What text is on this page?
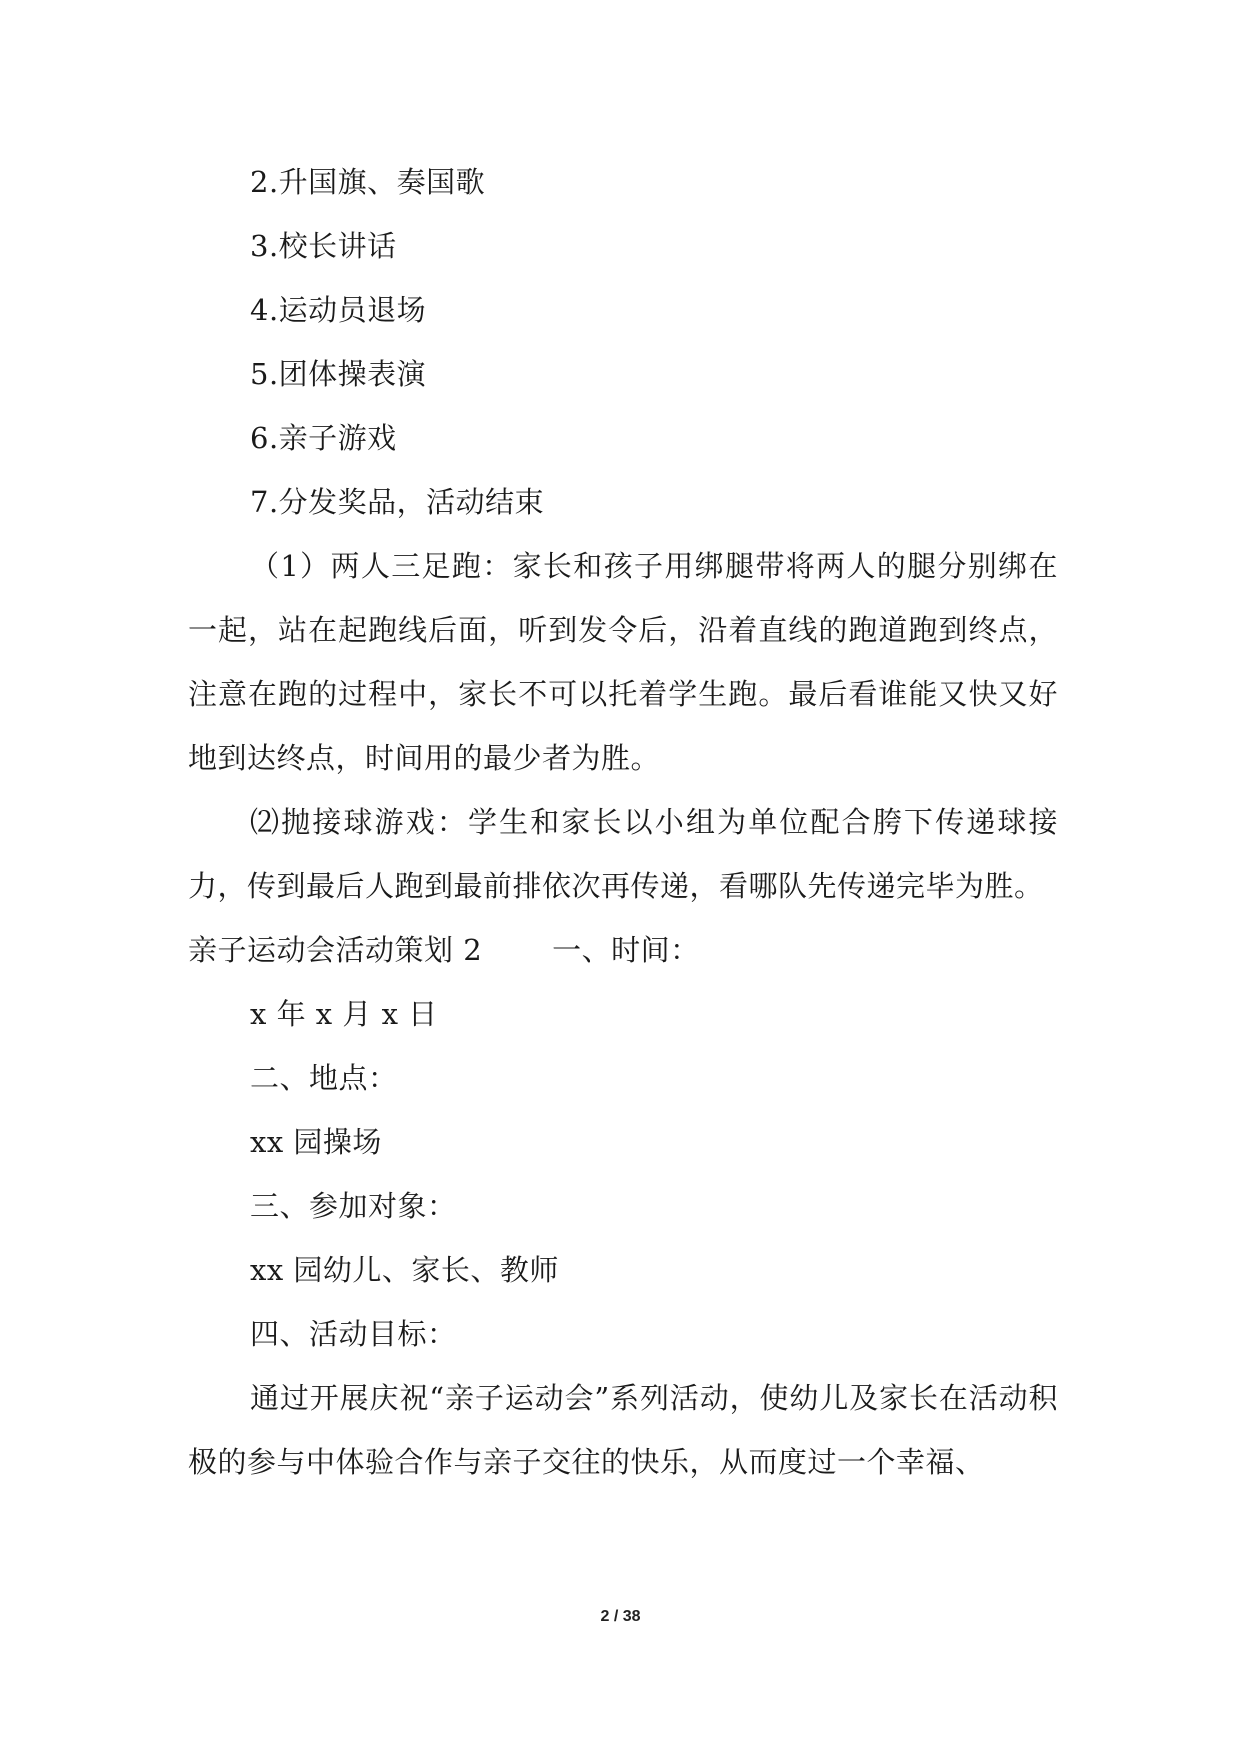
2.升国旗、奏国歌
3.校长讲话
4.运动员退场
5.团体操表演
6.亲子游戏
7.分发奖品，活动结束
（1）两人三足跑：家长和孩子用绑腿带将两人的腿分别绑在一起，站在起跑线后面，听到发令后，沿着直线的跑道跑到终点，注意在跑的过程中，家长不可以托着学生跑。最后看谁能又快又好地到达终点，时间用的最少者为胜。
⑵抛接球游戏：学生和家长以小组为单位配合胯下传递球接力，传到最后人跑到最前排依次再传递，看哪队先传递完毕为胜。
亲子运动会活动策划 2 一、时间：
x 年 x 月 x 日
二、地点：
xx 园操场
三、参加对象：
xx 园幼儿、家长、教师
四、活动目标：
通过开展庆祝“亲子运动会”系列活动，使幼儿及家长在活动积极的参与中体验合作与亲子交往的快乐，从而度过一个幸福、
2 / 38
